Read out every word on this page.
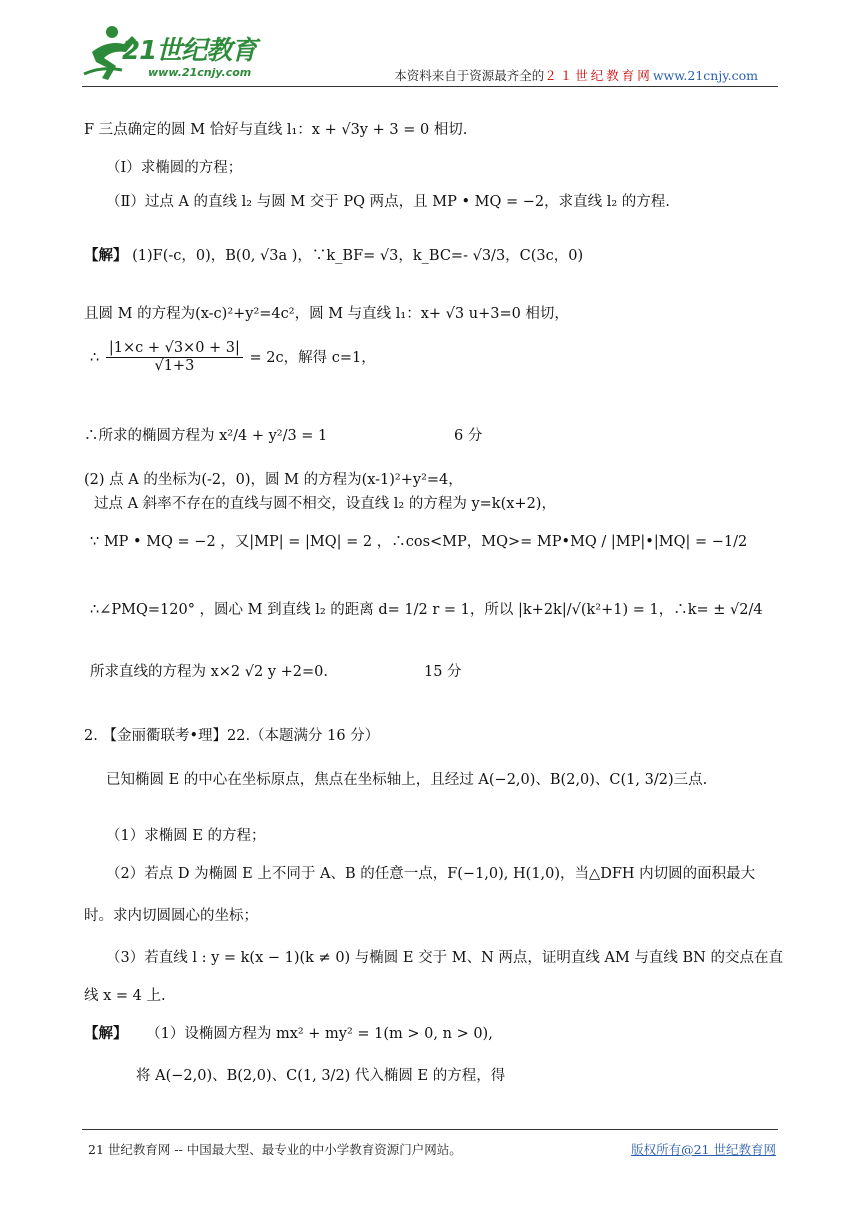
21世纪教育
www.21cnjy.com	本资料来自于资源最齐全的２１世纪教育网www.21cnjy.com
F 三点确定的圆 M 恰好与直线 l₁：x + √3y + 3 = 0 相切.
（Ⅰ）求椭圆的方程；
（Ⅱ）过点 A 的直线 l₂ 与圆 M 交于 PQ 两点，且 MP • MQ = −2，求直线 l₂ 的方程.
【解】 (1)F(-c，0)，B(0, √3a )，∵k_BF= √3，k_BC=- √3/3，C(3c，0)
且圆 M 的方程为(x-c)²+y²=4c²，圆 M 与直线 l₁：x+ √3 u+3=0 相切，
∴ $\frac{|1\times c + √3\times 0 + 3|}{√1+3} = 2c$，解得 c=1，
∴所求的椭圆方程为 x²/4 + y²/3 = 1	6 分
(2) 点 A 的坐标为(-2，0)，圆 M 的方程为(x-1)²+y²=4，
过点 A 斜率不存在的直线与圆不相交，设直线 l₂ 的方程为 y=k(x+2)，
∵ MP • MQ = −2 ，又|MP| = |MQ| = 2 ，∴cos<MP，MQ>= MP•MQ / |MP|•|MQ| = −1/2
∴∠PMQ=120° ，圆心 M 到直线 l₂ 的距离 d= 1/2 r = 1，所以 |k+2k|/√(k²+1) = 1，∴k= ± √2/4
所求直线的方程为 x×2 √2 y +2=0.	15 分
2. 【金丽衢联考•理】22.（本题满分 16 分）
已知椭圆 E 的中心在坐标原点，焦点在坐标轴上，且经过 A(−2,0)、B(2,0)、C(1, 3/2)三点.
（1）求椭圆 E 的方程；
（2）若点 D 为椭圆 E 上不同于 A、B 的任意一点，F(−1,0), H(1,0)，当△DFH 内切圆的面积最大
时。求内切圆圆心的坐标；
（3）若直线 l : y = k(x − 1)(k ≠ 0) 与椭圆 E 交于 M、N 两点，证明直线 AM 与直线 BN 的交点在直
线 x = 4 上.
【解】 （1）设椭圆方程为 mx² + my² = 1(m > 0, n > 0),
将 A(−2,0)、B(2,0)、C(1, 3/2) 代入椭圆 E 的方程，得
21 世纪教育网 -- 中国最大型、最专业的中小学教育资源门户网站。	版权所有@21 世纪教育网
